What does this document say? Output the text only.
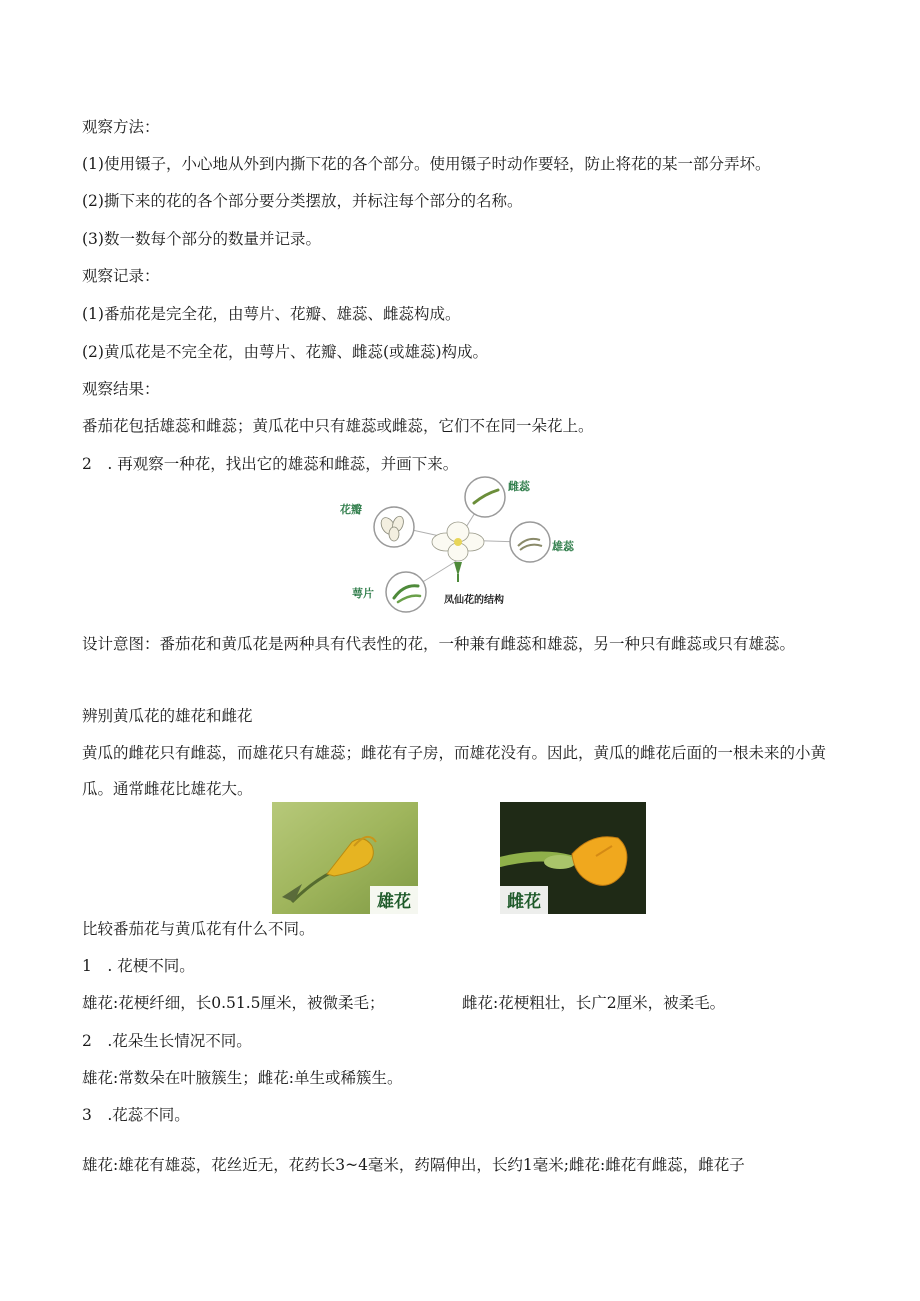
观察方法：
(1)使用镊子，小心地从外到内撕下花的各个部分。使用镊子时动作要轻，防止将花的某一部分弄坏。
(2)撕下来的花的各个部分要分类摆放，并标注每个部分的名称。
(3)数一数每个部分的数量并记录。
观察记录：
(1)番茄花是完全花，由萼片、花瓣、雄蕊、雌蕊构成。
(2)黄瓜花是不完全花，由萼片、花瓣、雌蕊(或雄蕊)构成。
观察结果：
番茄花包括雄蕊和雌蕊；黄瓜花中只有雄蕊或雌蕊，它们不在同一朵花上。
2　. 再观察一种花，找出它的雄蕊和雌蕊，并画下来。
花瓣
雌蕊
雄蕊
萼片
凤仙花的结构
设计意图：番茄花和黄瓜花是两种具有代表性的花，一种兼有雌蕊和雄蕊，另一种只有雌蕊或只有雄蕊。
辨别黄瓜花的雄花和雌花
黄瓜的雌花只有雌蕊，而雄花只有雄蕊；雌花有子房，而雄花没有。因此，黄瓜的雌花后面的一根未来的小黄瓜。通常雌花比雄花大。
雄花	雌花
比较番茄花与黄瓜花有什么不同。
1　. 花梗不同。
雄花:花梗纤细，长0.51.5厘米，被微柔毛；	雌花:花梗粗壮，长广2厘米，被柔毛。
2　.花朵生长情况不同。
雄花:常数朵在叶腋簇生；雌花:单生或稀簇生。
3　.花蕊不同。
雄花:雄花有雄蕊，花丝近无，花药长3~4毫米，药隔伸出，长约1毫米;雌花:雌花有雌蕊，雌花子
